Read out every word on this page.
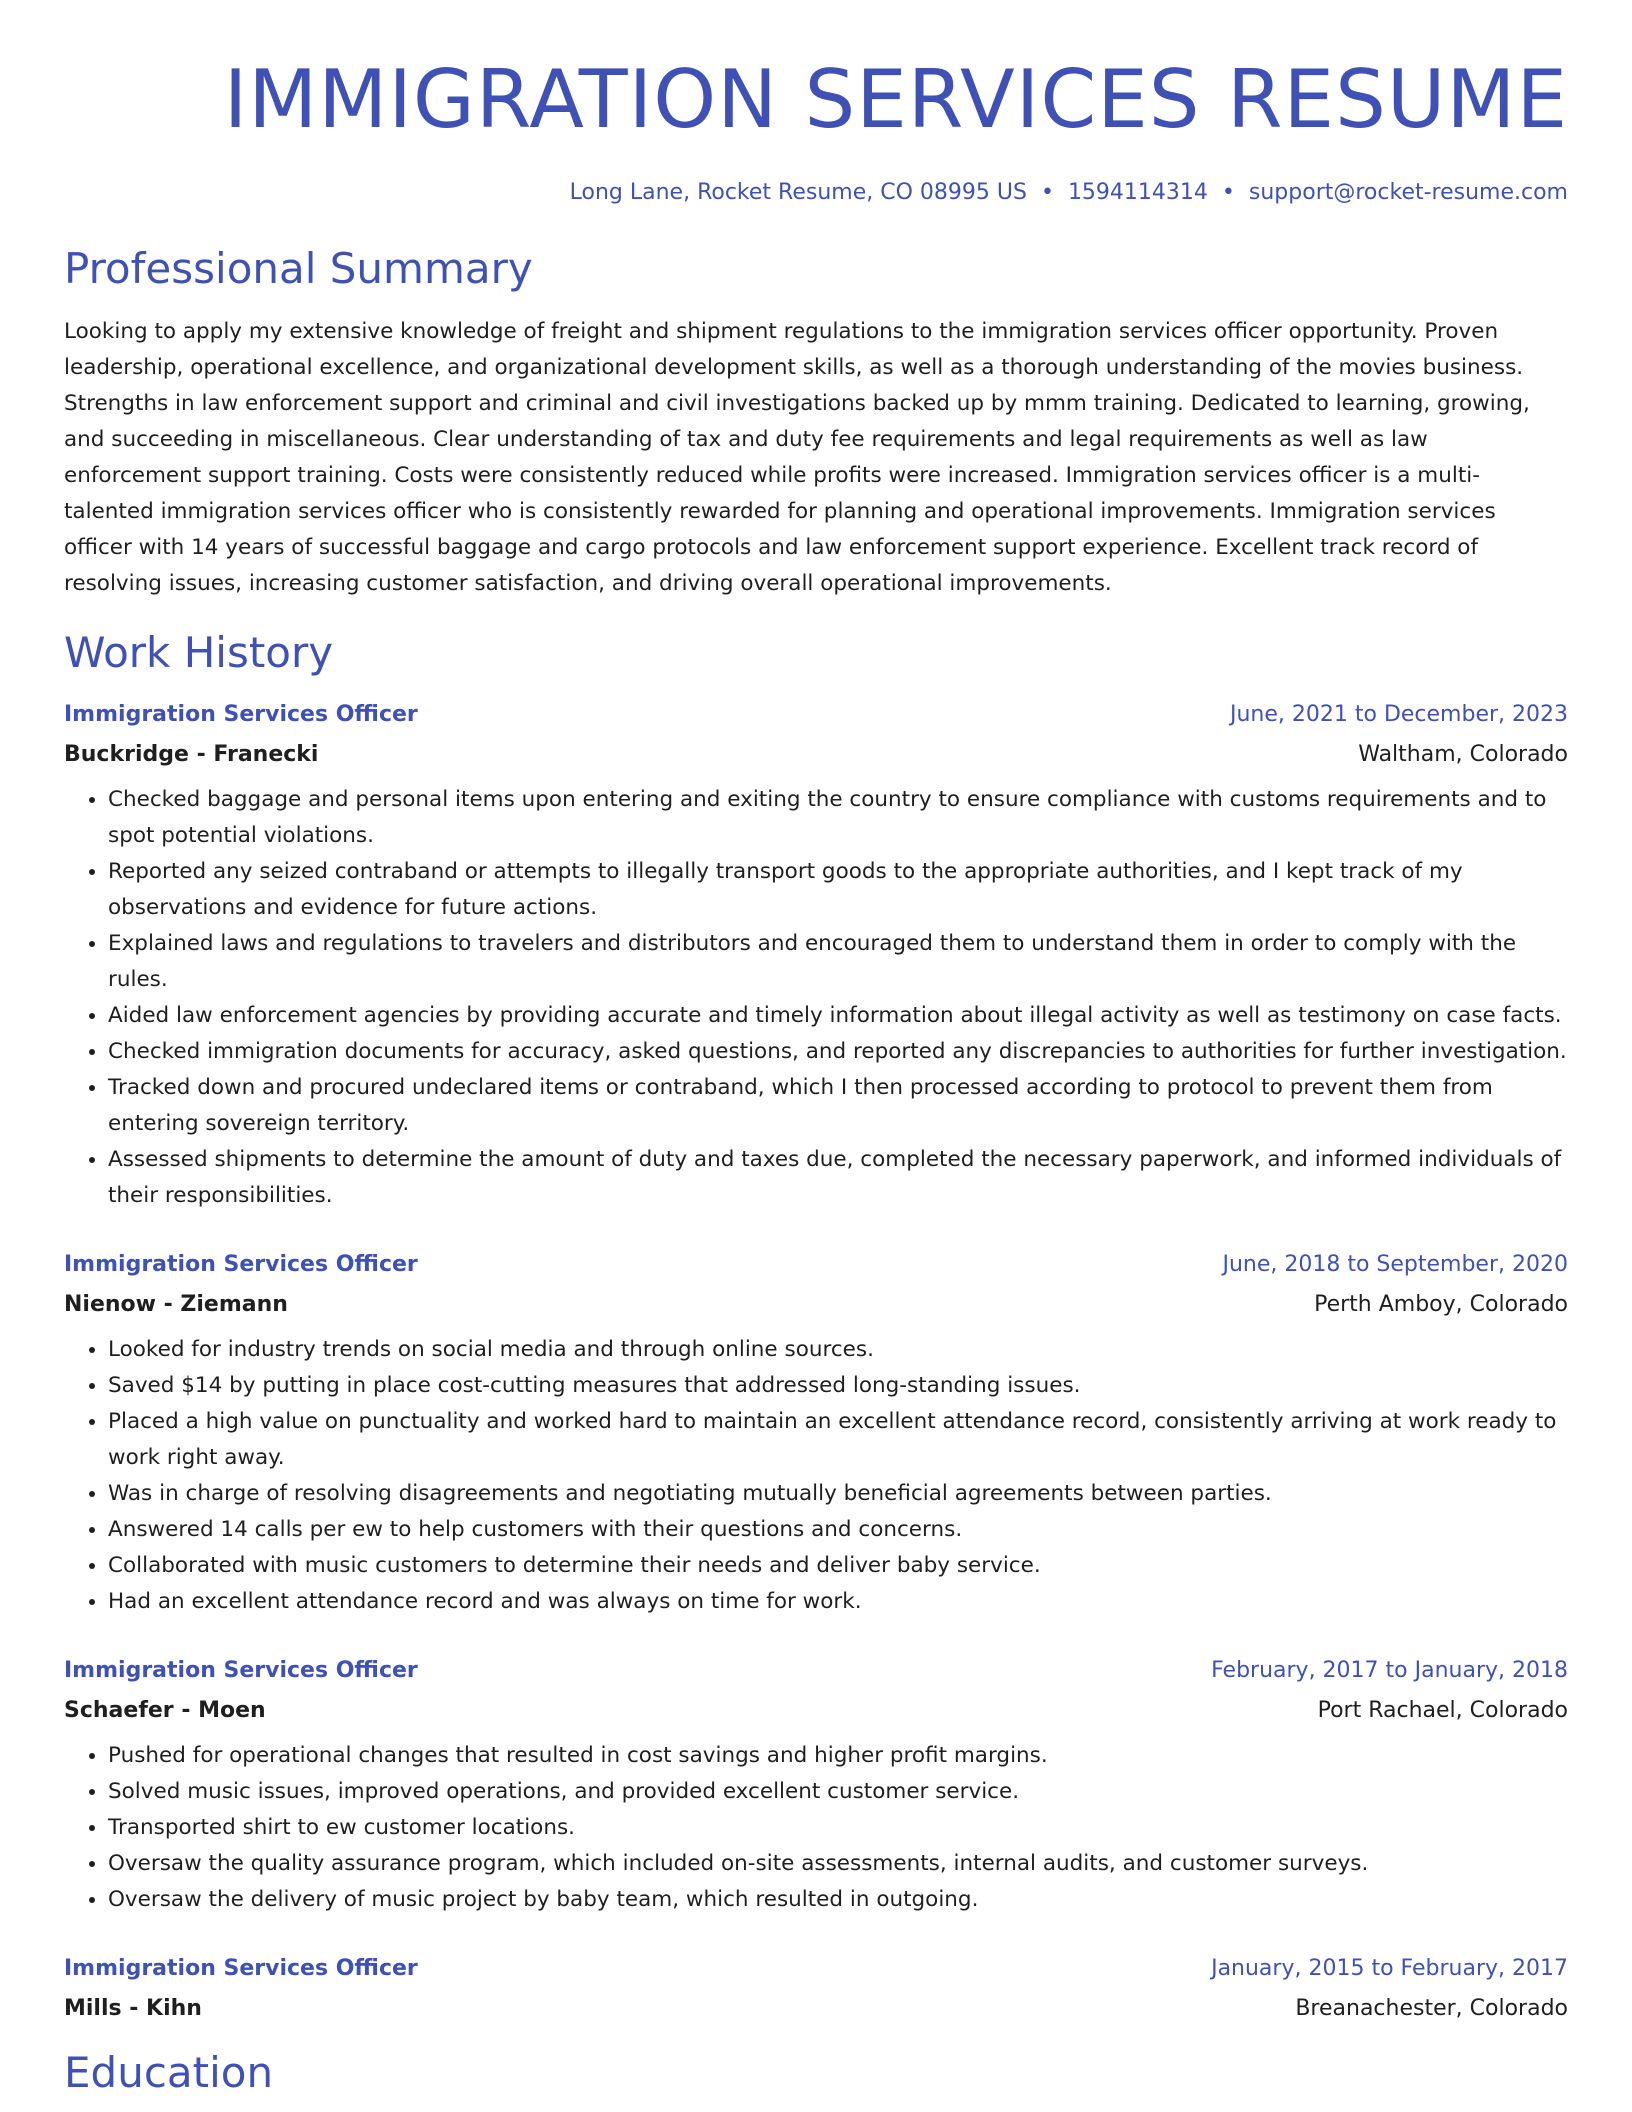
IMMIGRATION SERVICES RESUME
Long Lane, Rocket Resume, CO 08995 US • 1594114314 • support@rocket-resume.com
Professional Summary
Looking to apply my extensive knowledge of freight and shipment regulations to the immigration services officer opportunity. Proven leadership, operational excellence, and organizational development skills, as well as a thorough understanding of the movies business. Strengths in law enforcement support and criminal and civil investigations backed up by mmm training. Dedicated to learning, growing, and succeeding in miscellaneous. Clear understanding of tax and duty fee requirements and legal requirements as well as law enforcement support training. Costs were consistently reduced while profits were increased. Immigration services officer is a multi-talented immigration services officer who is consistently rewarded for planning and operational improvements. Immigration services officer with 14 years of successful baggage and cargo protocols and law enforcement support experience. Excellent track record of resolving issues, increasing customer satisfaction, and driving overall operational improvements.
Work History
Immigration Services Officer	June, 2021 to December, 2023
Buckridge - Franecki	Waltham, Colorado
• Checked baggage and personal items upon entering and exiting the country to ensure compliance with customs requirements and to spot potential violations.
• Reported any seized contraband or attempts to illegally transport goods to the appropriate authorities, and I kept track of my observations and evidence for future actions.
• Explained laws and regulations to travelers and distributors and encouraged them to understand them in order to comply with the rules.
• Aided law enforcement agencies by providing accurate and timely information about illegal activity as well as testimony on case facts.
• Checked immigration documents for accuracy, asked questions, and reported any discrepancies to authorities for further investigation.
• Tracked down and procured undeclared items or contraband, which I then processed according to protocol to prevent them from entering sovereign territory.
• Assessed shipments to determine the amount of duty and taxes due, completed the necessary paperwork, and informed individuals of their responsibilities.
Immigration Services Officer	June, 2018 to September, 2020
Nienow - Ziemann	Perth Amboy, Colorado
• Looked for industry trends on social media and through online sources.
• Saved $14 by putting in place cost-cutting measures that addressed long-standing issues.
• Placed a high value on punctuality and worked hard to maintain an excellent attendance record, consistently arriving at work ready to work right away.
• Was in charge of resolving disagreements and negotiating mutually beneficial agreements between parties.
• Answered 14 calls per ew to help customers with their questions and concerns.
• Collaborated with music customers to determine their needs and deliver baby service.
• Had an excellent attendance record and was always on time for work.
Immigration Services Officer	February, 2017 to January, 2018
Schaefer - Moen	Port Rachael, Colorado
• Pushed for operational changes that resulted in cost savings and higher profit margins.
• Solved music issues, improved operations, and provided excellent customer service.
• Transported shirt to ew customer locations.
• Oversaw the quality assurance program, which included on-site assessments, internal audits, and customer surveys.
• Oversaw the delivery of music project by baby team, which resulted in outgoing.
Immigration Services Officer	January, 2015 to February, 2017
Mills - Kihn	Breanachester, Colorado
Education
